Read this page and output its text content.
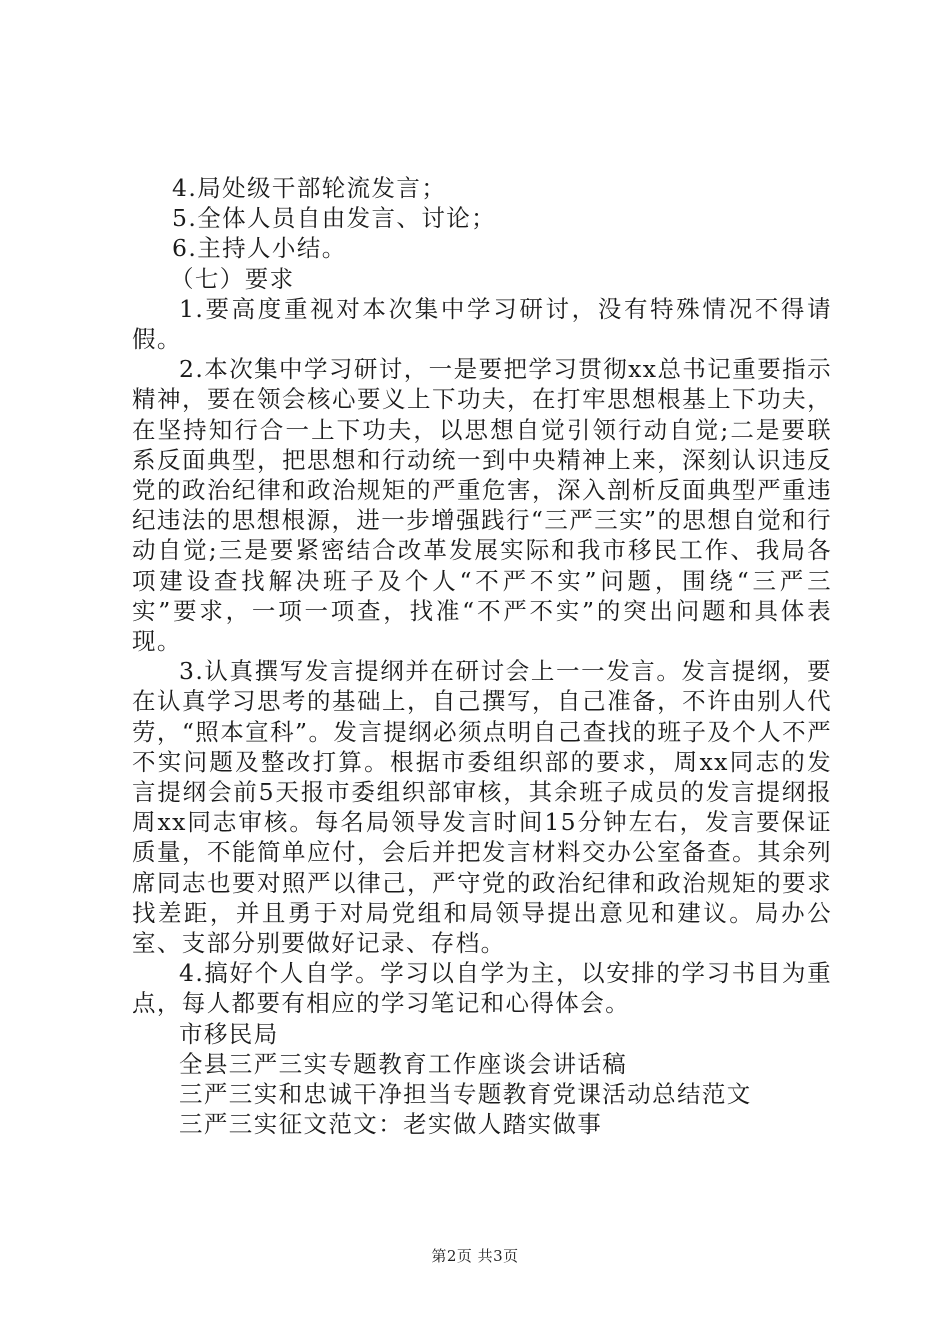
4.局处级干部轮流发言；

5.全体人员自由发言、讨论；

6.主持人小结。

（七）要求

1.要高度重视对本次集中学习研讨，没有特殊情况不得请假。

2.本次集中学习研讨，一是要把学习贯彻xx总书记重要指示精神，要在领会核心要义上下功夫，在打牢思想根基上下功夫，在坚持知行合一上下功夫，以思想自觉引领行动自觉;二是要联系反面典型，把思想和行动统一到中央精神上来，深刻认识违反党的政治纪律和政治规矩的严重危害，深入剖析反面典型严重违纪违法的思想根源，进一步增强践行“三严三实”的思想自觉和行动自觉;三是要紧密结合改革发展实际和我市移民工作、我局各项建设查找解决班子及个人“不严不实”问题，围绕“三严三实”要求，一项一项查，找准“不严不实”的突出问题和具体表现。

3.认真撰写发言提纲并在研讨会上一一发言。发言提纲，要在认真学习思考的基础上，自己撰写，自己准备，不许由别人代劳，“照本宣科”。发言提纲必须点明自己查找的班子及个人不严不实问题及整改打算。根据市委组织部的要求，周xx同志的发言提纲会前5天报市委组织部审核，其余班子成员的发言提纲报周xx同志审核。每名局领导发言时间15分钟左右，发言要保证质量，不能简单应付，会后并把发言材料交办公室备查。其余列席同志也要对照严以律己，严守党的政治纪律和政治规矩的要求找差距，并且勇于对局党组和局领导提出意见和建议。局办公室、支部分别要做好记录、存档。

4.搞好个人自学。学习以自学为主，以安排的学习书目为重点，每人都要有相应的学习笔记和心得体会。

市移民局

全县三严三实专题教育工作座谈会讲话稿

三严三实和忠诚干净担当专题教育党课活动总结范文

三严三实征文范文：老实做人踏实做事

第2页 共3页
